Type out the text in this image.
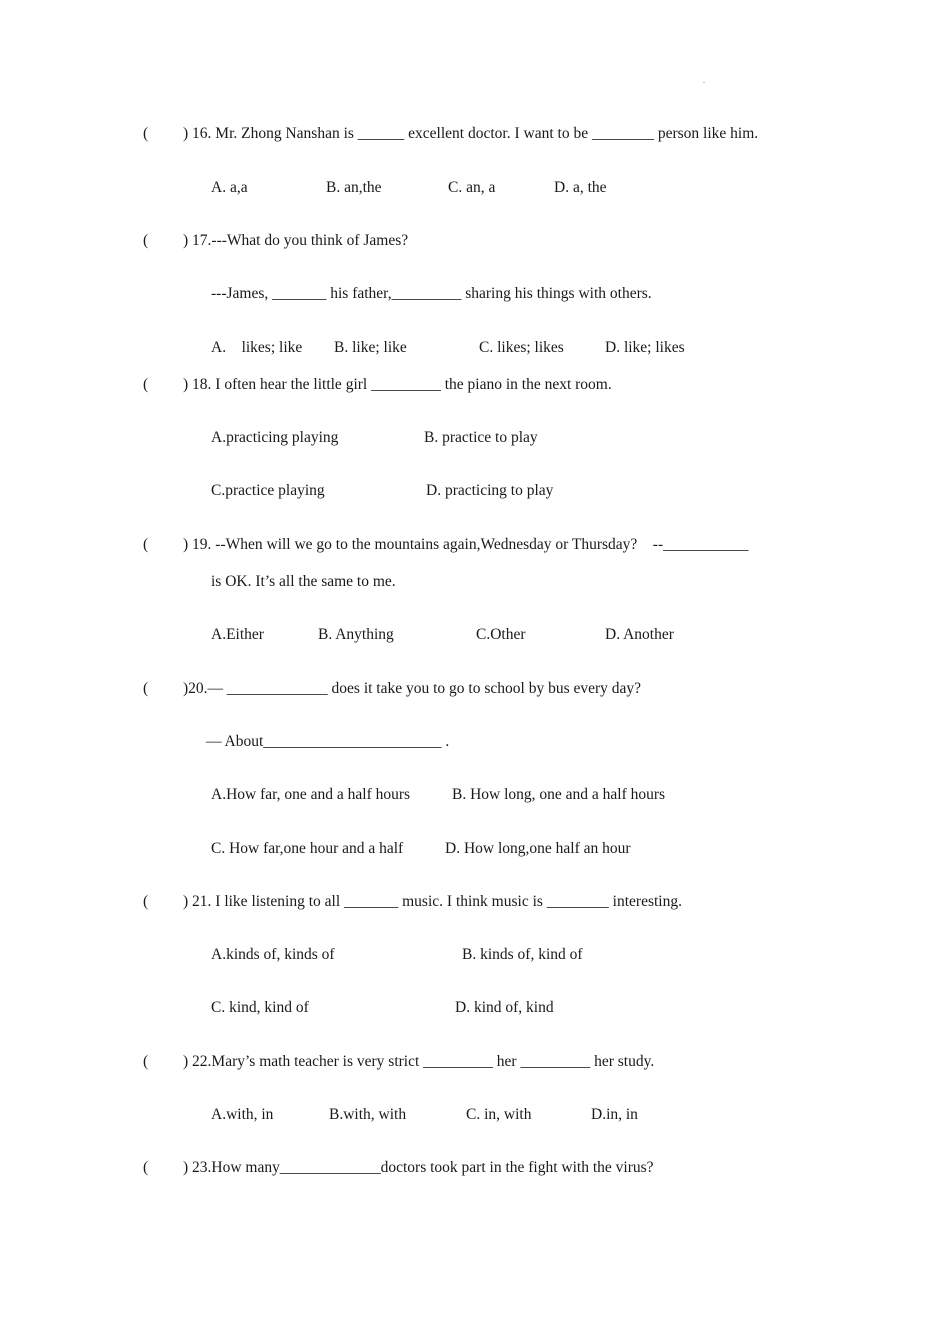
.
( ) 16. Mr. Zhong Nanshan is ______ excellent doctor. I want to be ________ person like him.
A. a,a	B. an,the	C. an, a	D. a, the
( ) 17.---What do you think of James?
---James, _______ his father,_________ sharing his things with others.
A.    likes; like B. like; like	C. likes; likes	D. like; likes
( ) 18. I often hear the little girl _________ the piano in the next room.
A.practicing playing	B. practice to play
C.practice playing	D. practicing to play
( ) 19. --When will we go to the mountains again,Wednesday or Thursday?    --___________
is OK. It’s all the same to me.
A.Either	B. Anything	C.Other	D. Another
( )20.— _____________ does it take you to go to school by bus every day?
— About_______________________ .
A.How far, one and a half hours	B. How long, one and a half hours
C. How far,one hour and a half	D. How long,one half an hour
( ) 21. I like listening to all _______ music. I think music is ________ interesting.
A.kinds of, kinds of	B. kinds of, kind of
C. kind, kind of	D. kind of, kind
( ) 22.Mary’s math teacher is very strict _________ her _________ her study.
A.with, in	B.with, with	C. in, with	D.in, in
( ) 23.How many_____________doctors took part in the fight with the virus?
